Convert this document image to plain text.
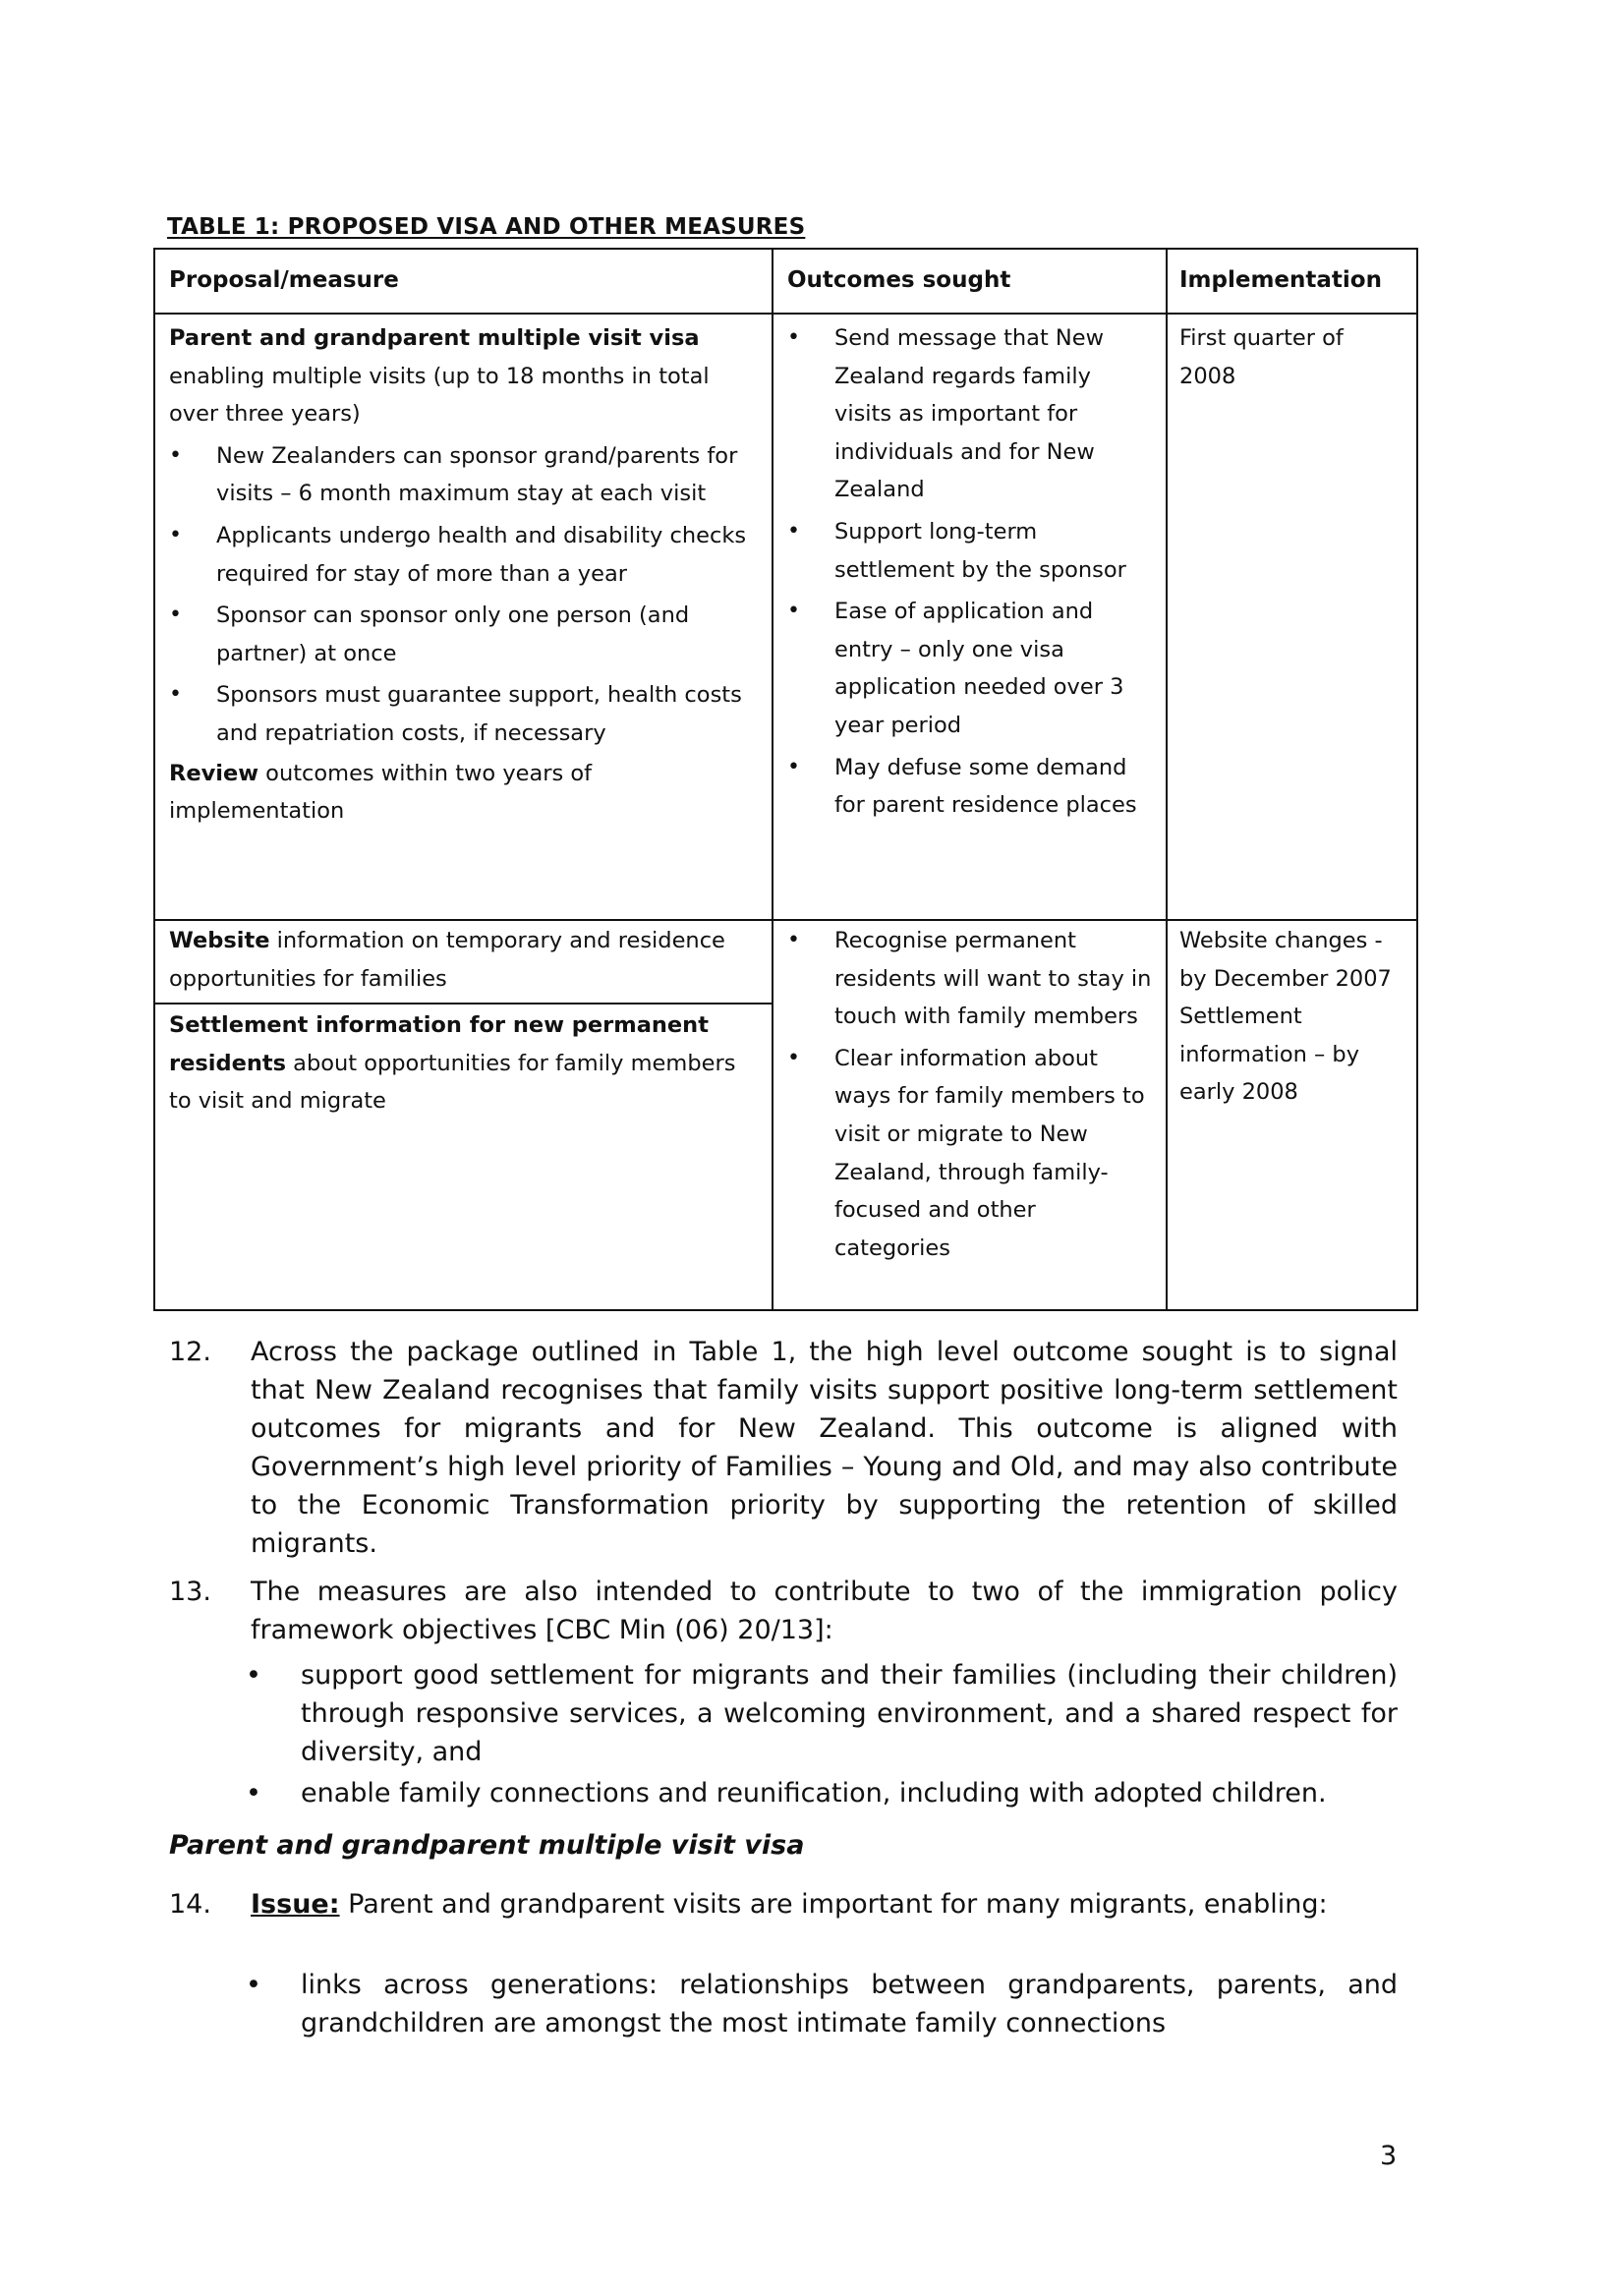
TABLE 1: PROPOSED VISA AND OTHER MEASURES
Proposal/measure	Outcomes sought	Implementation
Parent and grandparent multiple visit visa enabling multiple visits (up to 18 months in total over three years)
• New Zealanders can sponsor grand/parents for visits – 6 month maximum stay at each visit
• Applicants undergo health and disability checks required for stay of more than a year
• Sponsor can sponsor only one person (and partner) at once
• Sponsors must guarantee support, health costs and repatriation costs, if necessary
Review outcomes within two years of implementation
• Send message that New Zealand regards family visits as important for individuals and for New Zealand
• Support long-term settlement by the sponsor
• Ease of application and entry – only one visa application needed over 3 year period
• May defuse some demand for parent residence places
First quarter of 2008
Website information on temporary and residence opportunities for families
Settlement information for new permanent residents about opportunities for family members to visit and migrate
• Recognise permanent residents will want to stay in touch with family members
• Clear information about ways for family members to visit or migrate to New Zealand, through family-focused and other categories
Website changes - by December 2007
Settlement information – by early 2008
12. Across the package outlined in Table 1, the high level outcome sought is to signal that New Zealand recognises that family visits support positive long-term settlement outcomes for migrants and for New Zealand. This outcome is aligned with Government’s high level priority of Families – Young and Old, and may also contribute to the Economic Transformation priority by supporting the retention of skilled migrants.
13. The measures are also intended to contribute to two of the immigration policy framework objectives [CBC Min (06) 20/13]:
• support good settlement for migrants and their families (including their children) through responsive services, a welcoming environment, and a shared respect for diversity, and
• enable family connections and reunification, including with adopted children.
Parent and grandparent multiple visit visa
14. Issue: Parent and grandparent visits are important for many migrants, enabling:
• links across generations: relationships between grandparents, parents, and grandchildren are amongst the most intimate family connections
3
